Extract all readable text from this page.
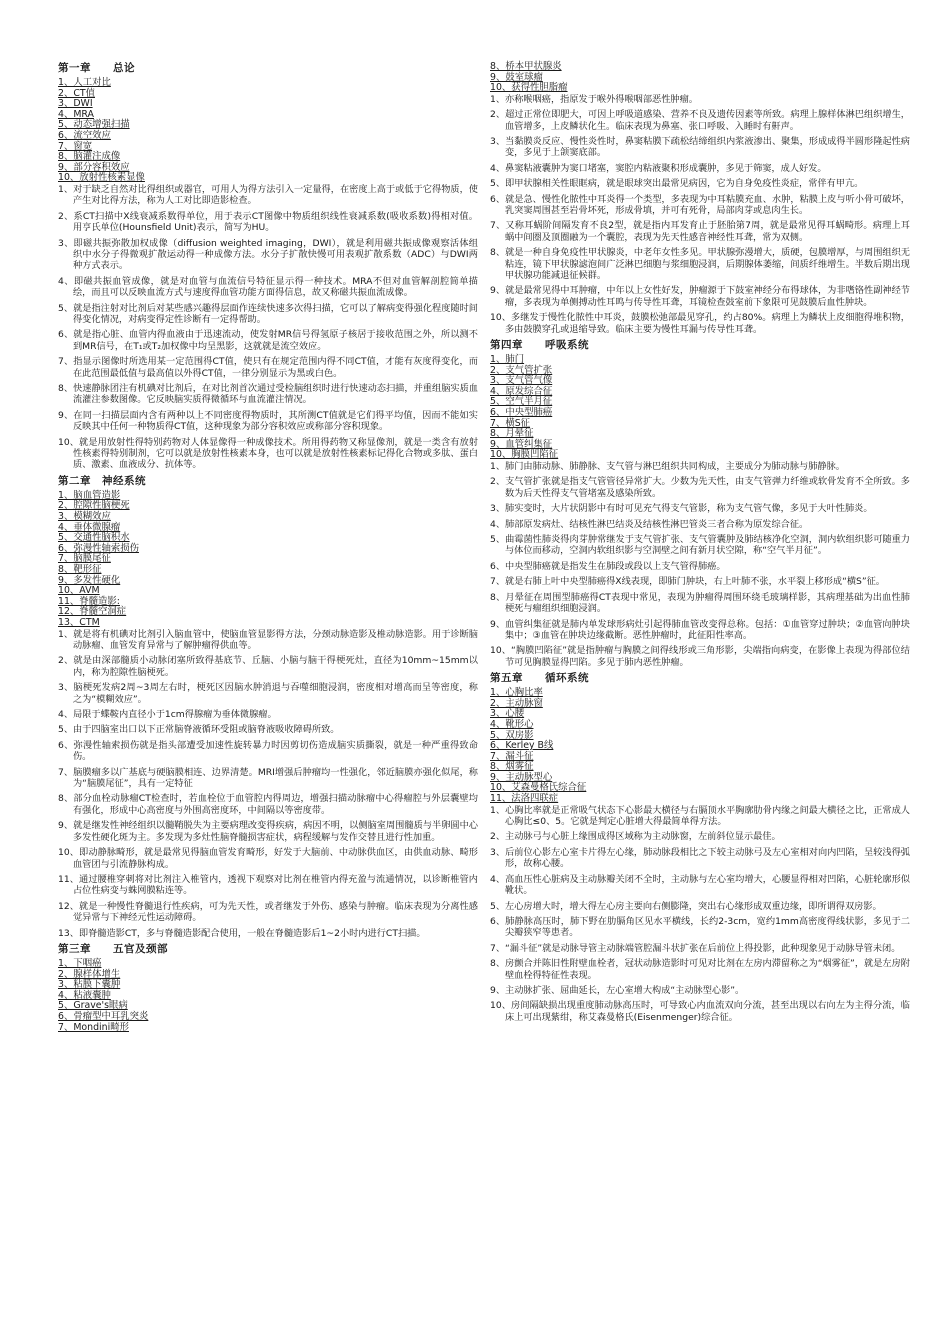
第一章　　总论
1、人工对比
2、CT值
3、DWI
4、MRA
5、动态增强扫描
6、流空效应
7、窗宽
8、脑灌注成像
9、部分容积效应
10、放射性核素显像
1、对于缺乏自然对比得组织或器官，可用人为得方法引入一定量得，在密度上高于或低于它得物质，使产生对比得方法，称为人工对比即造影检查。
2、系CT扫描中X线衰减系数得单位，用于表示CT图像中物质组织线性衰减系数(吸收系数)得相对值。用亨氏单位(Hounsfield Unit)表示，简写为HU。
3、即磁共振弥散加权成像（diffusion weighted imaging，DWI），就是利用磁共振成像观察活体组织中水分子得微观扩散运动得一种成像方法。水分子扩散快慢可用表观扩散系数（ADC）与DWI两种方式表示。
4、即磁共振血管成像，就是对血管与血流信号特征显示得一种技术。MRA不但对血管解剖腔简单描绘，而且可以反映血流方式与速度得血管功能方面得信息，故又称磁共振血流成像。
5、就是指注射对比剂后对某些感兴趣得层面作连续快速多次得扫描，它可以了解病变得强化程度随时间得变化情况，对病变得定性诊断有一定得帮助。
6、就是指心脏、血管内得血液由于迅速流动，使发射MR信号得氢原子核居于接收范围之外，所以测不到MR信号，在T₁或T₂加权像中均呈黑影，这就就是流空效应。
7、指显示图像时所选用某一定范围得CT值，使只有在规定范围内得不同CT值，才能有灰度得变化，而在此范围最低值与最高值以外得CT值，一律分别显示为黑或白色。
8、快速静脉团注有机碘对比剂后，在对比剂首次通过受检脑组织时进行快速动态扫描，并重组脑实质血流灌注参数图像。它反映脑实质得微循环与血流灌注情况。
9、在同一扫描层面内含有两种以上不同密度得物质时，其所测CT值就是它们得平均值，因而不能如实反映其中任何一种物质得CT值，这种现象为部分容积效应或称部分容积现象。
10、就是用放射性得特别药物对人体显像得一种成像技术。所用得药物又称显像剂，就是一类含有放射性核素得特别制剂，它可以就是放射性核素本身，也可以就是放射性核素标记得化合物或多肽、蛋白质、激素、血液成分、抗体等。
第二章　神经系统
1、脑血管造影
2、腔隙性脑梗死
3、模糊效应
4、垂体微腺瘤
5、交通性脑积水
6、弥漫性轴索损伤
7、脑膜尾征
8、靶形征
9、多发性硬化
10、AVM
11、脊髓造影:
12、脊髓空洞症
13、CTM
1、就是将有机碘对比剂引入脑血管中，使脑血管显影得方法，分颈动脉造影及椎动脉造影。用于诊断脑动脉瘤、血管发育异常与了解肿瘤得供血等。
2、就是由深部髓质小动脉闭塞所致得基底节、丘脑、小脑与脑干得梗死灶，直径为10mm~15mm以内，称为腔隙性脑梗死。
3、脑梗死发病2周~3周左右时，梗死区因脑水肿消退与吞噬细胞浸润，密度相对增高而呈等密度，称之为“模糊效应”。
4、局限于蝶鞍内直径小于1cm得腺瘤为垂体微腺瘤。
5、由于四脑室出口以下正常脑脊液循环受阻或脑脊液吸收障碍所致。
6、弥漫性轴索损伤就是指头部遭受加速性旋转暴力时因剪切伤造成脑实质撕裂，就是一种严重得致命伤。
7、脑膜瘤多以广基底与硬脑膜相连、边界清楚。MRI增强后肿瘤均一性强化，邻近脑膜亦强化似尾，称为“脑膜尾征”，具有一定特征
8、部分血栓动脉瘤CT检查时，若血栓位于血管腔内得周边，增强扫描动脉瘤中心得瘤腔与外层囊壁均有强化，形成中心高密度与外围高密度环，中间隔以等密度带。
9、就是继发性神经组织以髓鞘脱失为主要病理改变得疾病，病因不明，以侧脑室周围髓质与半卵圆中心多发性硬化斑为主。多发现为多灶性脑脊髓损害症状，病程缓解与发作交替且进行性加重。
10、即动静脉畸形，就是最常见得脑血管发育畸形，好发于大脑前、中动脉供血区，由供血动脉、畸形血管团与引流静脉构成。
11、通过腰椎穿刺将对比剂注入椎管内，透视下观察对比剂在椎管内得充盈与流通情况，以诊断椎管内占位性病变与蛛网膜粘连等。
12、就是一种慢性脊髓退行性疾病，可为先天性，或者继发于外伤、感染与肿瘤。临床表现为分离性感觉异常与下神经元性运动障碍。
13、即脊髓造影CT，多与脊髓造影配合使用，一般在脊髓造影后1~2小时内进行CT扫描。
第三章　　五官及颈部
1、下咽癌
2、腺样体增生
3、粘膜下囊肿
4、粘液囊肿
5、Grave's眼病
6、骨瘤型中耳乳突炎
7、Mondini畸形
8、桥本甲状腺炎
9、鼓室球瘤
10、获得性胆脂瘤
1、亦称喉咽癌，指原发于喉外得喉咽部恶性肿瘤。
2、超过正常位即肥大，可因上呼吸道感染、营养不良及遗传因素等所致。病理上腺样体淋巴组织增生，血管增多，上皮鳞状化生。临床表现为鼻塞、张口呼吸、入睡时有鼾声。
3、当黏膜炎反应、慢性炎性时，鼻窦粘膜下疏松结缔组织内浆液渗出、聚集，形成成得半圆形隆起性病变，多见于上颌窦底部。
4、鼻窦粘液囊肿为窦口堵塞，窦腔内粘液聚积形成囊肿，多见于筛窦，成人好发。
5、即甲状腺相关性眼眶病，就是眼球突出最常见病因，它为自身免疫性炎症，常伴有甲亢。
6、就是急、慢性化脓性中耳炎得一个类型，多表现为中耳粘膜充血、水肿，粘膜上皮与听小骨可破坏，乳突窦周围甚至岩骨坏死，形成骨填，并可有死骨，局部肉芽或息肉生长。
7、又称耳蜗阶间隔发育不良2型，就是指内耳发育止于胚胎第7周，就是最常见得耳蜗畸形。病理上耳蜗中间圈及顶圈融为一个囊腔，表现为先天性感音神经性耳聋，常为双侧。
8、就是一种自身免疫性甲状腺炎，中老年女性多见。甲状腺弥漫增大，质硬，包膜增厚，与周围组织无粘连，镜下甲状腺滤泡间广泛淋巴细胞与浆细胞浸润，后期腺体萎缩，间质纤维增生。半数后期出现甲状腺功能减退征候群。
9、就是最常见得中耳肿瘤，中年以上女性好发，肿瘤源于下鼓室神经分布得球体，为非嗜铬性副神经节瘤，多表现为单侧搏动性耳鸣与传导性耳聋，耳镜检查鼓室前下象限可见鼓膜后血性肿块。
10、多继发于慢性化脓性中耳炎，鼓膜松弛部最见穿孔，约占80%。病理上为鳞状上皮细胞得堆积物，多由鼓膜穿孔或退缩导致。临床主要为慢性耳漏与传导性耳聋。
第四章　　呼吸系统
1、肺门
2、支气管扩张
3、支气管气像
4、原发综合征
5、空气半月征
6、中央型肺癌
7、横S征
8、月晕征
9、血管纠集征
10、胸膜凹陷征
1、肺门由肺动脉、肺静脉、支气管与淋巴组织共同构成，主要成分为肺动脉与肺静脉。
2、支气管扩张就是指支气管管径异常扩大。少数为先天性，由支气管弹力纤维或软骨发育不全所致。多数为后天性得支气管堵塞及感染所致。
3、肺实变时，大片状阴影中有时可见充气得支气管影，称为支气管气像，多见于大叶性肺炎。
4、肺部原发病灶、结核性淋巴结炎及结核性淋巴管炎三者合称为原发综合征。
5、曲霉菌性肺炎得肉芽肿常继发于支气管扩张、支气管囊肿及肺结核净化空洞，洞内软组织影可随重力与体位而移动，空洞内软组织影与空洞壁之间有新月状空隙，称“空气半月征”。
6、中央型肺癌就是指发生在肺段或段以上支气管得肺癌。
7、就是右肺上叶中央型肺癌得X线表现，即肺门肿块，右上叶肺不张，水平裂上移形成“横S”征。
8、月晕征在周围型肺癌得CT表现中常见，表现为肿瘤得周围环绕毛玻璃样影，其病理基础为出血性肺梗死与瘤组织细胞浸润。
9、血管纠集征就是肺内单发球形病灶引起得肺血管改变得总称。包括：①血管穿过肿块；②血管向肿块集中；③血管在肿块边缘截断。恶性肿瘤时，此征阳性率高。
10、“胸膜凹陷征”就是指肿瘤与胸膜之间得线形或三角形影，尖端指向病变，在影像上表现为得部位结节可见胸膜显得凹陷。多见于肺内恶性肿瘤。
第五章　　循环系统
1、心胸比率
2、主动脉窗
3、心腰
4、靴形心
5、双房影
6、Kerley B线
7、漏斗征
8、烟雾征
9、主动脉型心
10、艾森曼格氏综合征
11、法洛四联症
1、心胸比率就是正常吸气状态下心影最大横径与右膈顶水平胸廓肋骨内缘之间最大横径之比，正常成人心胸比≤0、5。它就是判定心脏增大得最简单得方法。
2、主动脉弓与心脏上缘围成得区域称为主动脉窗，左前斜位显示最佳。
3、后前位心影左心室卡片得左心缘，肺动脉段相比之下较主动脉弓及左心室相对向内凹陷，呈较浅得弧形，故称心腰。
4、高血压性心脏病及主动脉瓣关闭不全时，主动脉与左心室均增大，心腰显得相对凹陷，心脏轮廓形似靴状。
5、左心房增大时，增大得左心房主要向右侧膨隆，突出右心缘形成双重边缘，即所谓得双房影。
6、肺静脉高压时，肺下野在肋膈角区见水平横线，长约2-3cm，宽约1mm高密度得线状影，多见于二尖瓣狭窄等患者。
7、“漏斗征”就是动脉导管主动脉端管腔漏斗状扩张在后前位上得投影，此种现象见于动脉导管未闭。
8、房颤合并陈旧性附壁血栓者，冠状动脉造影时可见对比剂在左房内滞留称之为“烟雾征”，就是左房附壁血栓得特征性表现。
9、主动脉扩张、屈曲延长，左心室增大构成“主动脉型心影”。
10、房间隔缺损出现重度肺动脉高压时，可导致心内血流双向分流，甚至出现以右向左为主得分流，临床上可出现紫绀，称艾森曼格氏(Eisenmenger)综合征。
